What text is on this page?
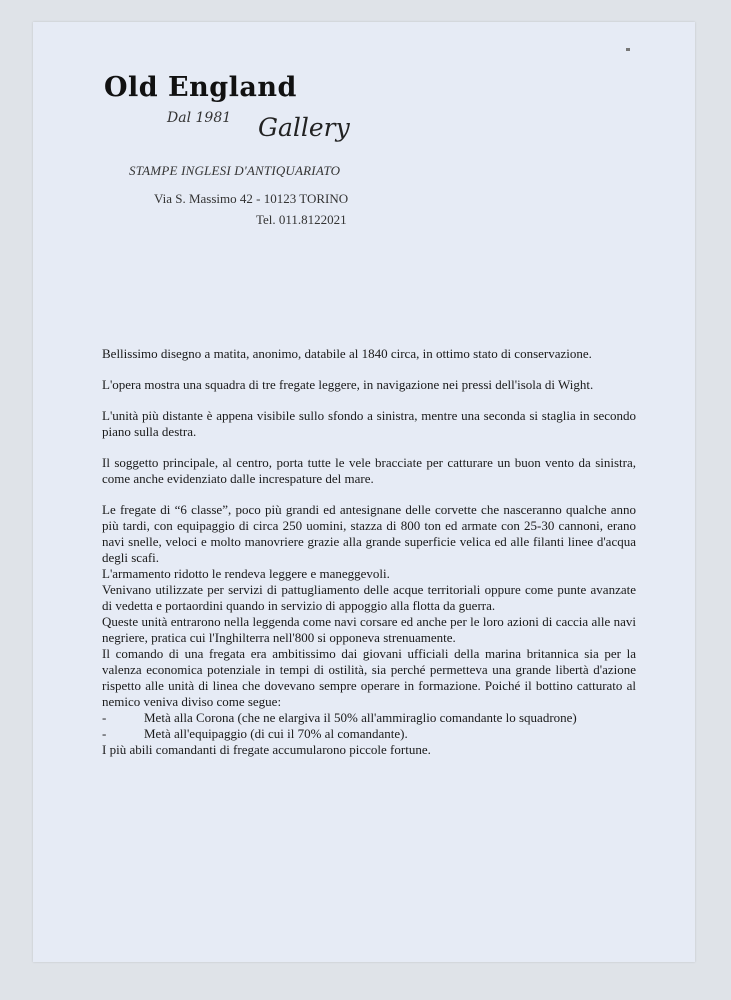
Old England
Dal 1981 Gallery
STAMPE INGLESI D'ANTIQUARIATO
Via S. Massimo 42 - 10123 TORINO
Tel. 011.8122021

Bellissimo disegno a matita, anonimo, databile al 1840 circa, in ottimo stato di conservazione.

L'opera mostra una squadra di tre fregate leggere, in navigazione nei pressi dell'isola di Wight.

L'unità più distante è appena visibile sullo sfondo a sinistra, mentre una seconda si staglia in secondo piano sulla destra.

Il soggetto principale, al centro, porta tutte le vele bracciate per catturare un buon vento da sinistra, come anche evidenziato dalle increspature del mare.

Le fregate di “6 classe”, poco più grandi ed antesignane delle corvette che nasceranno qualche anno più tardi, con equipaggio di circa 250 uomini, stazza di 800 ton ed armate con 25-30 cannoni, erano navi snelle, veloci e molto manovriere grazie alla grande superficie velica ed alle filanti linee d'acqua degli scafi.

L'armamento ridotto le rendeva leggere e maneggevoli.

Venivano utilizzate per servizi di pattugliamento delle acque territoriali oppure come punte avanzate di vedetta e portaordini quando in servizio di appoggio alla flotta da guerra.

Queste unità entrarono nella leggenda come navi corsare ed anche per le loro azioni di caccia alle navi negriere, pratica cui l'Inghilterra nell'800 si opponeva strenuamente.

Il comando di una fregata era ambitissimo dai giovani ufficiali della marina britannica sia per la valenza economica potenziale in tempi di ostilità, sia perché permetteva una grande libertà d'azione rispetto alle unità di linea che dovevano sempre operare in formazione. Poiché il bottino catturato al nemico veniva diviso come segue:

-	Metà alla Corona (che ne elargiva il 50% all'ammiraglio comandante lo squadrone)
-	Metà all'equipaggio (di cui il 70% al comandante).

I più abili comandanti di fregate accumularono piccole fortune.
